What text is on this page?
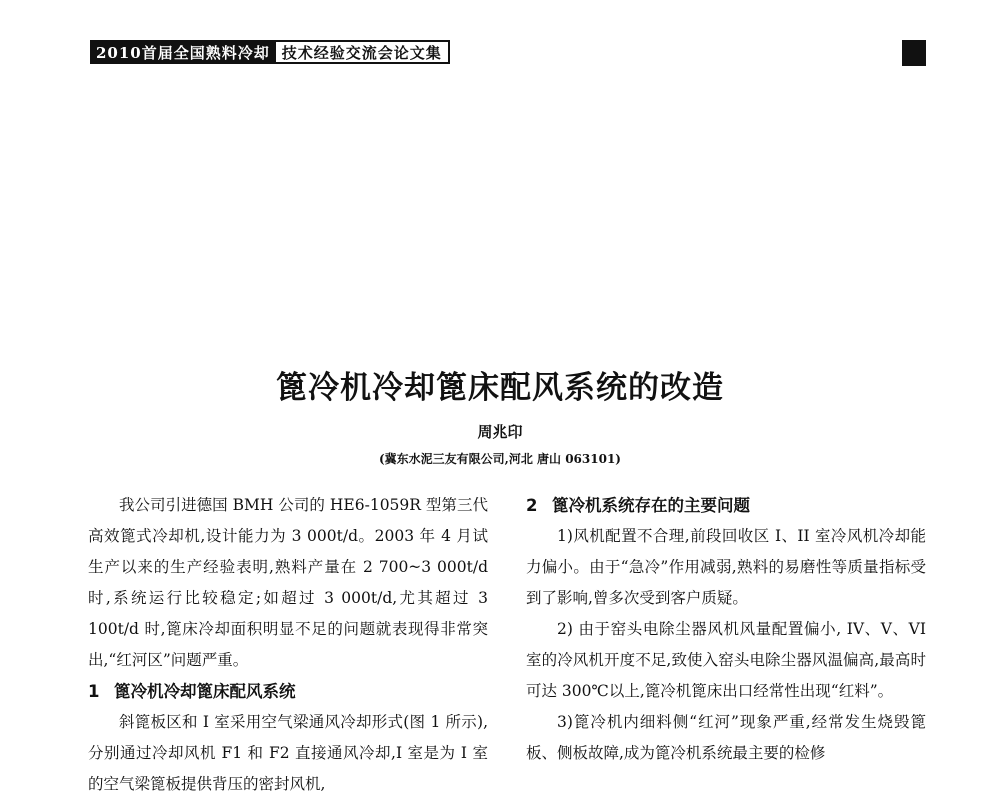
2010首届全国熟料冷却 技术经验交流会论文集
篦冷机冷却篦床配风系统的改造
周兆印
(冀东水泥三友有限公司,河北 唐山 063101)

我公司引进德国 BMH 公司的 HE6-1059R 型第三代高效篦式冷却机,设计能力为 3 000t/d。2003 年 4 月试生产以来的生产经验表明,熟料产量在 2 700~3 000t/d 时,系统运行比较稳定;如超过 3 000t/d,尤其超过 3 100t/d 时,篦床冷却面积明显不足的问题就表现得非常突出,“红河区”问题严重。

1 篦冷机冷却篦床配风系统

斜篦板区和 I 室采用空气梁通风冷却形式(图 1 所示), 分别通过冷却风机 F1 和 F2 直接通风冷却,I 室是为 I 室的空气梁篦板提供背压的密封风机,

2 篦冷机系统存在的主要问题

1)风机配置不合理,前段回收区 I、II 室冷风机冷却能力偏小。由于“急冷”作用减弱,熟料的易磨性等质量指标受到了影响,曾多次受到客户质疑。

2) 由于窑头电除尘器风机风量配置偏小, IV、V、VI 室的冷风机开度不足,致使入窑头电除尘器风温偏高,最高时可达 300℃以上,篦冷机篦床出口经常性出现“红料”。

3)篦冷机内细料侧“红河”现象严重,经常发生烧毁篦板、侧板故障,成为篦冷机系统最主要的检修
